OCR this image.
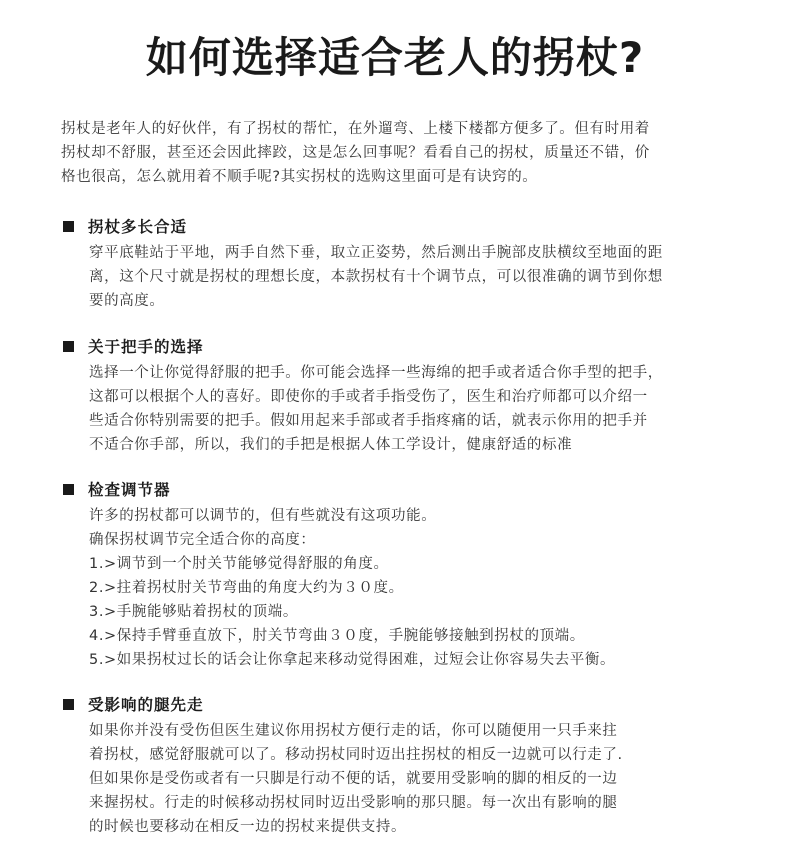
如何选择适合老人的拐杖?

拐杖是老年人的好伙伴，有了拐杖的帮忙，在外遛弯、上楼下楼都方便多了。但有时用着

拐杖却不舒服，甚至还会因此摔跤，这是怎么回事呢？看看自己的拐杖，质量还不错，价

格也很高，怎么就用着不顺手呢?其实拐杖的选购这里面可是有诀窍的。

拐杖多长合适

穿平底鞋站于平地，两手自然下垂，取立正姿势，然后测出手腕部皮肤横纹至地面的距

离，这个尺寸就是拐杖的理想长度，本款拐杖有十个调节点，可以很准确的调节到你想

要的高度。

关于把手的选择

选择一个让你觉得舒服的把手。你可能会选择一些海绵的把手或者适合你手型的把手，

这都可以根据个人的喜好。即使你的手或者手指受伤了，医生和治疗师都可以介绍一

些适合你特别需要的把手。假如用起来手部或者手指疼痛的话，就表示你用的把手并

不适合你手部，所以，我们的手把是根据人体工学设计，健康舒适的标准

检查调节器

许多的拐杖都可以调节的，但有些就没有这项功能。

确保拐杖调节完全适合你的高度：

1.>调节到一个肘关节能够觉得舒服的角度。

2.>拄着拐杖肘关节弯曲的角度大约为３０度。

3.>手腕能够贴着拐杖的顶端。

4.>保持手臂垂直放下，肘关节弯曲３０度，手腕能够接触到拐杖的顶端。

5.>如果拐杖过长的话会让你拿起来移动觉得困难，过短会让你容易失去平衡。

受影响的腿先走

如果你并没有受伤但医生建议你用拐杖方便行走的话，你可以随便用一只手来拄

着拐杖，感觉舒服就可以了。移动拐杖同时迈出拄拐杖的相反一边就可以行走了.

但如果你是受伤或者有一只脚是行动不便的话，就要用受影响的脚的相反的一边

来握拐杖。行走的时候移动拐杖同时迈出受影响的那只腿。每一次出有影响的腿

的时候也要移动在相反一边的拐杖来提供支持。
